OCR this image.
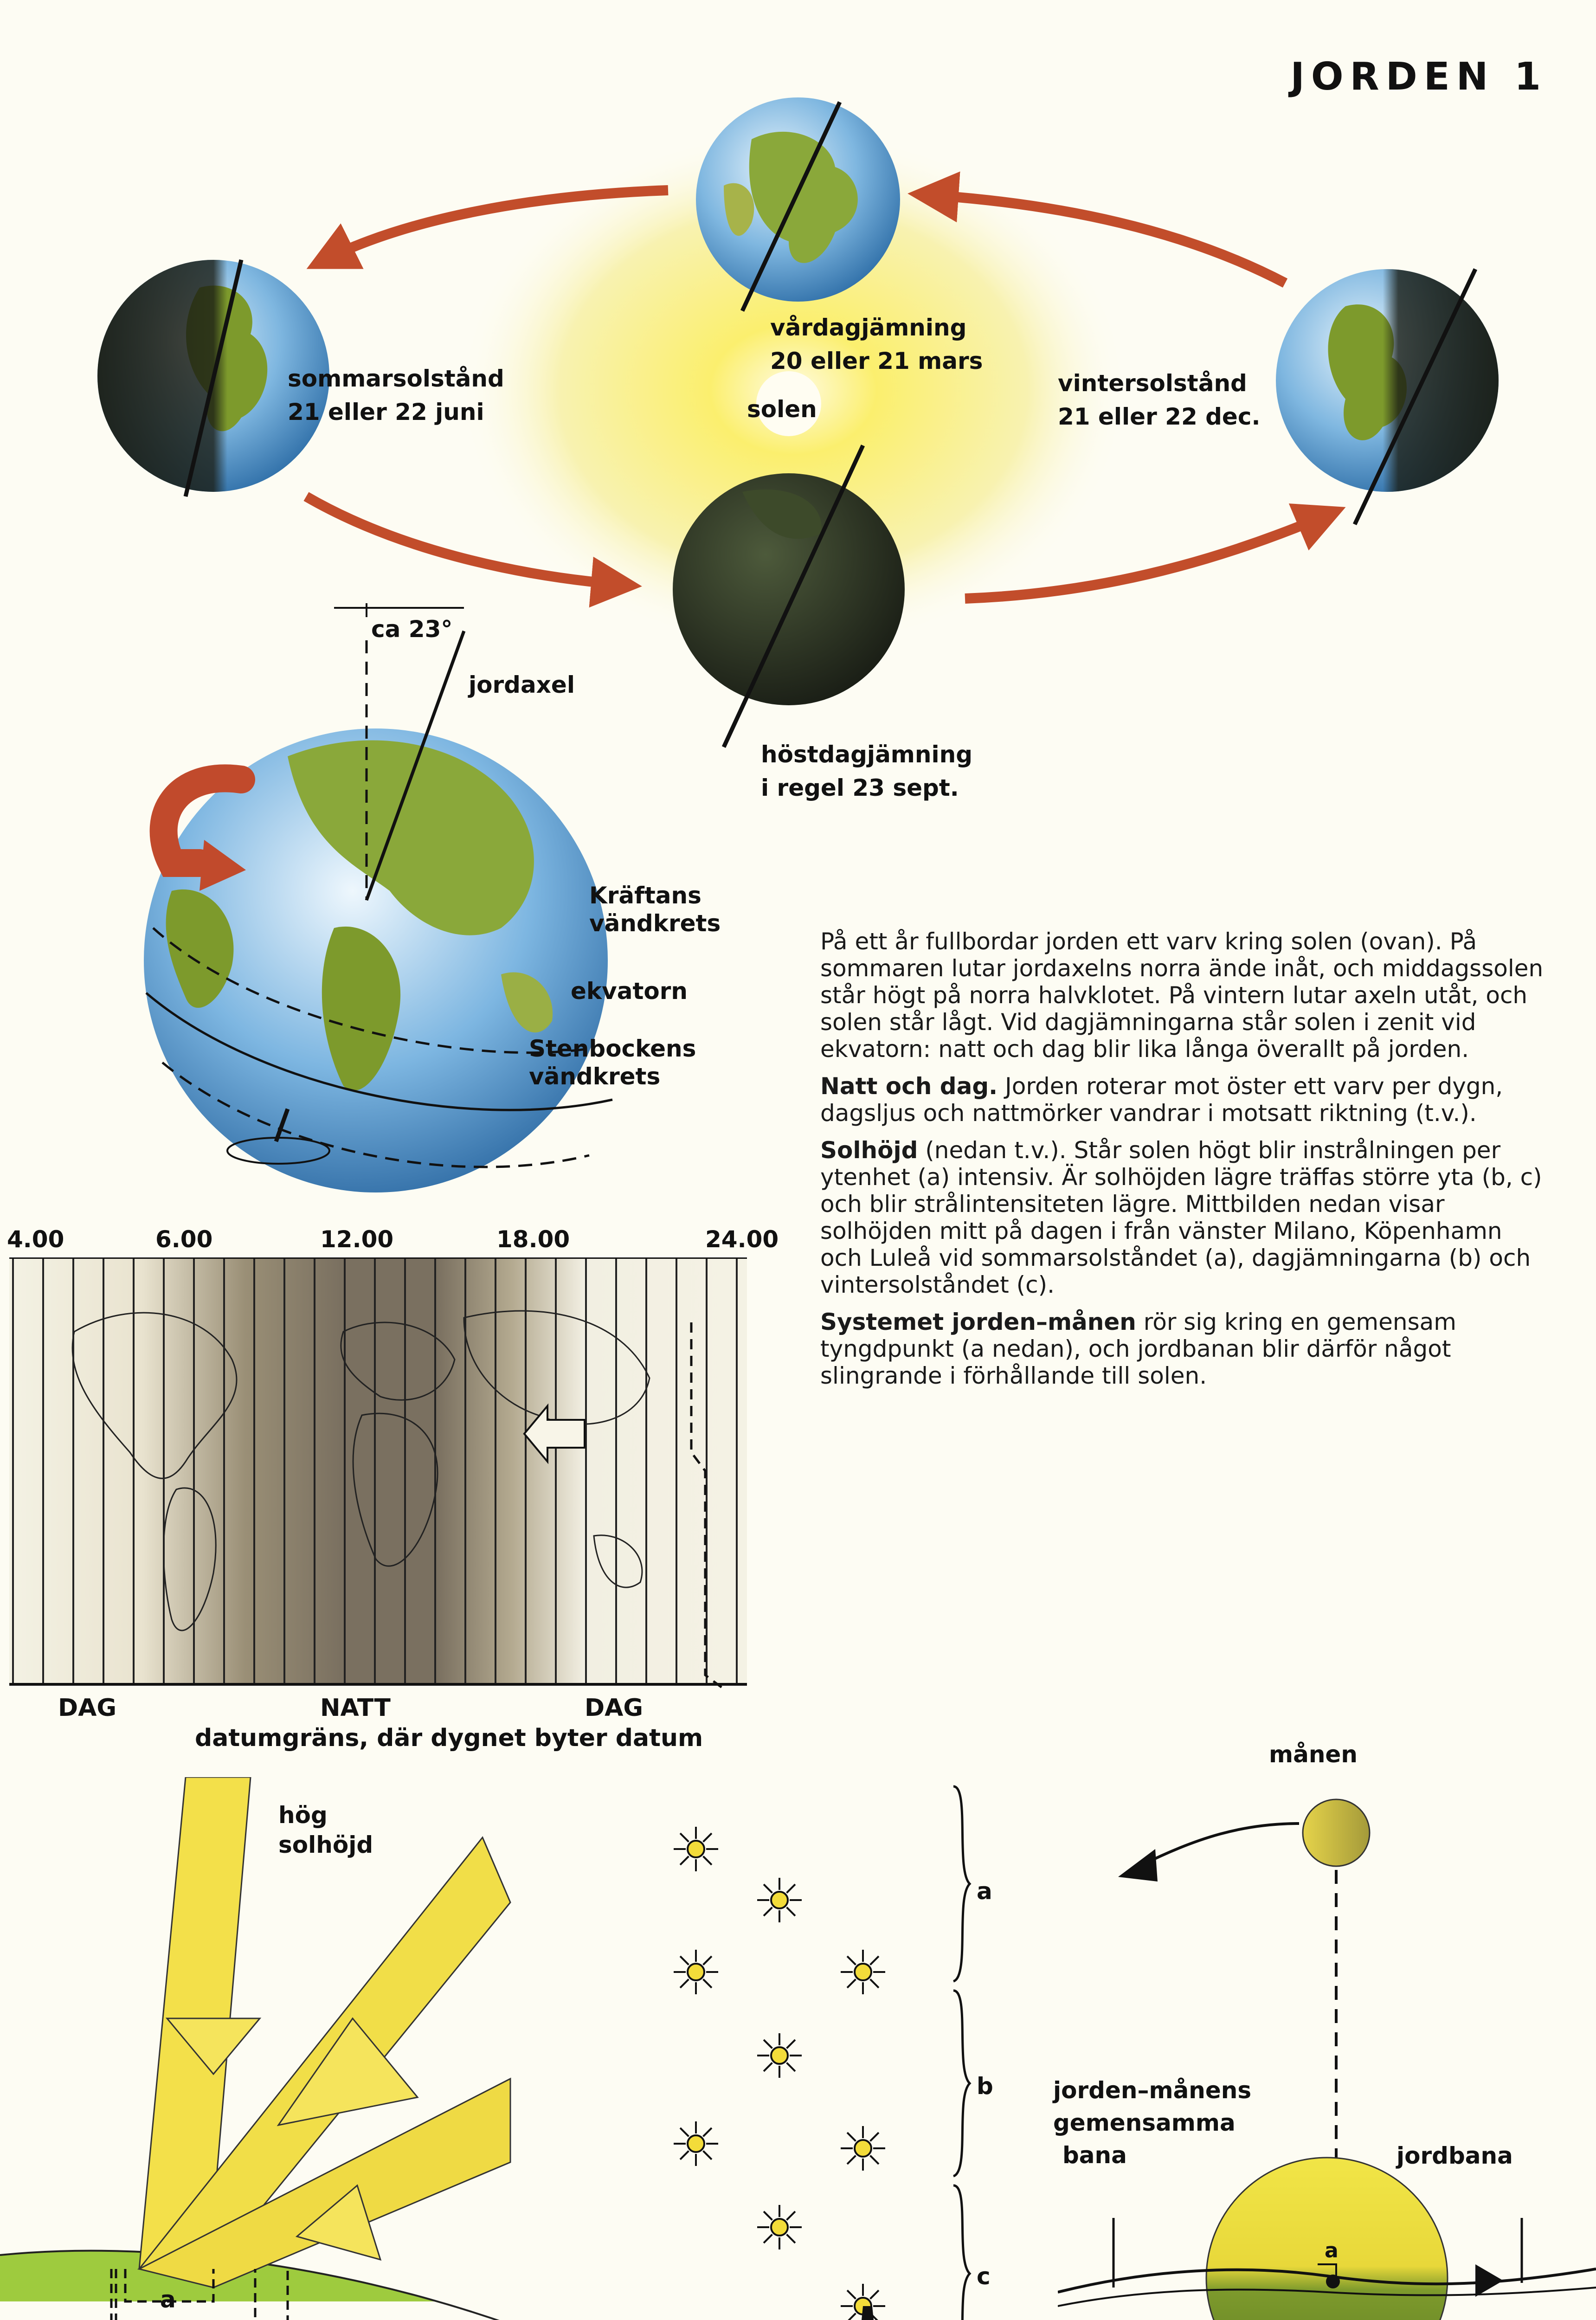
JORDEN 1
sommarsolstånd
21 eller 22 juni
vårdagjämning
20 eller 21 mars
solen
vintersolstånd
21 eller 22 dec.
höstdagjämning
i regel 23 sept.
ca 23°
jordaxel
Kräftans
vändkrets
ekvatorn
Stenbockens
vändkrets
4.00	6.00	12.00	18.00	24.00
DAG	NATT	DAG
datumgräns, där dygnet byter datum

På ett år fullbordar jorden ett varv kring solen (ovan). På sommaren lutar jordaxelns norra ände inåt, och middagssolen står högt på norra halvklotet. På vintern lutar axeln utåt, och solen står lågt. Vid dagjämningarna står solen i zenit vid ekvatorn: natt och dag blir lika långa överallt på jorden.

Natt och dag. Jorden roterar mot öster ett varv per dygn, dagsljus och nattmörker vandrar i motsatt riktning (t.v.).

Solhöjd (nedan t.v.). Står solen högt blir instrålningen per ytenhet (a) intensiv. Är solhöjden lägre träffas större yta (b, c) och blir strålintensiteten lägre. Mittbilden nedan visar solhöjden mitt på dagen i från vänster Milano, Köpenhamn och Luleå vid sommarsolståndet (a), dagjämningarna (b) och vintersolståndet (c).

Systemet jorden–månen rör sig kring en gemensam tyngdpunkt (a nedan), och jordbanan blir därför något slingrande i förhållande till solen.

hög
solhöjd
a
a
b
c
månen
jorden–månens
gemensamma
bana	jordbana
a
